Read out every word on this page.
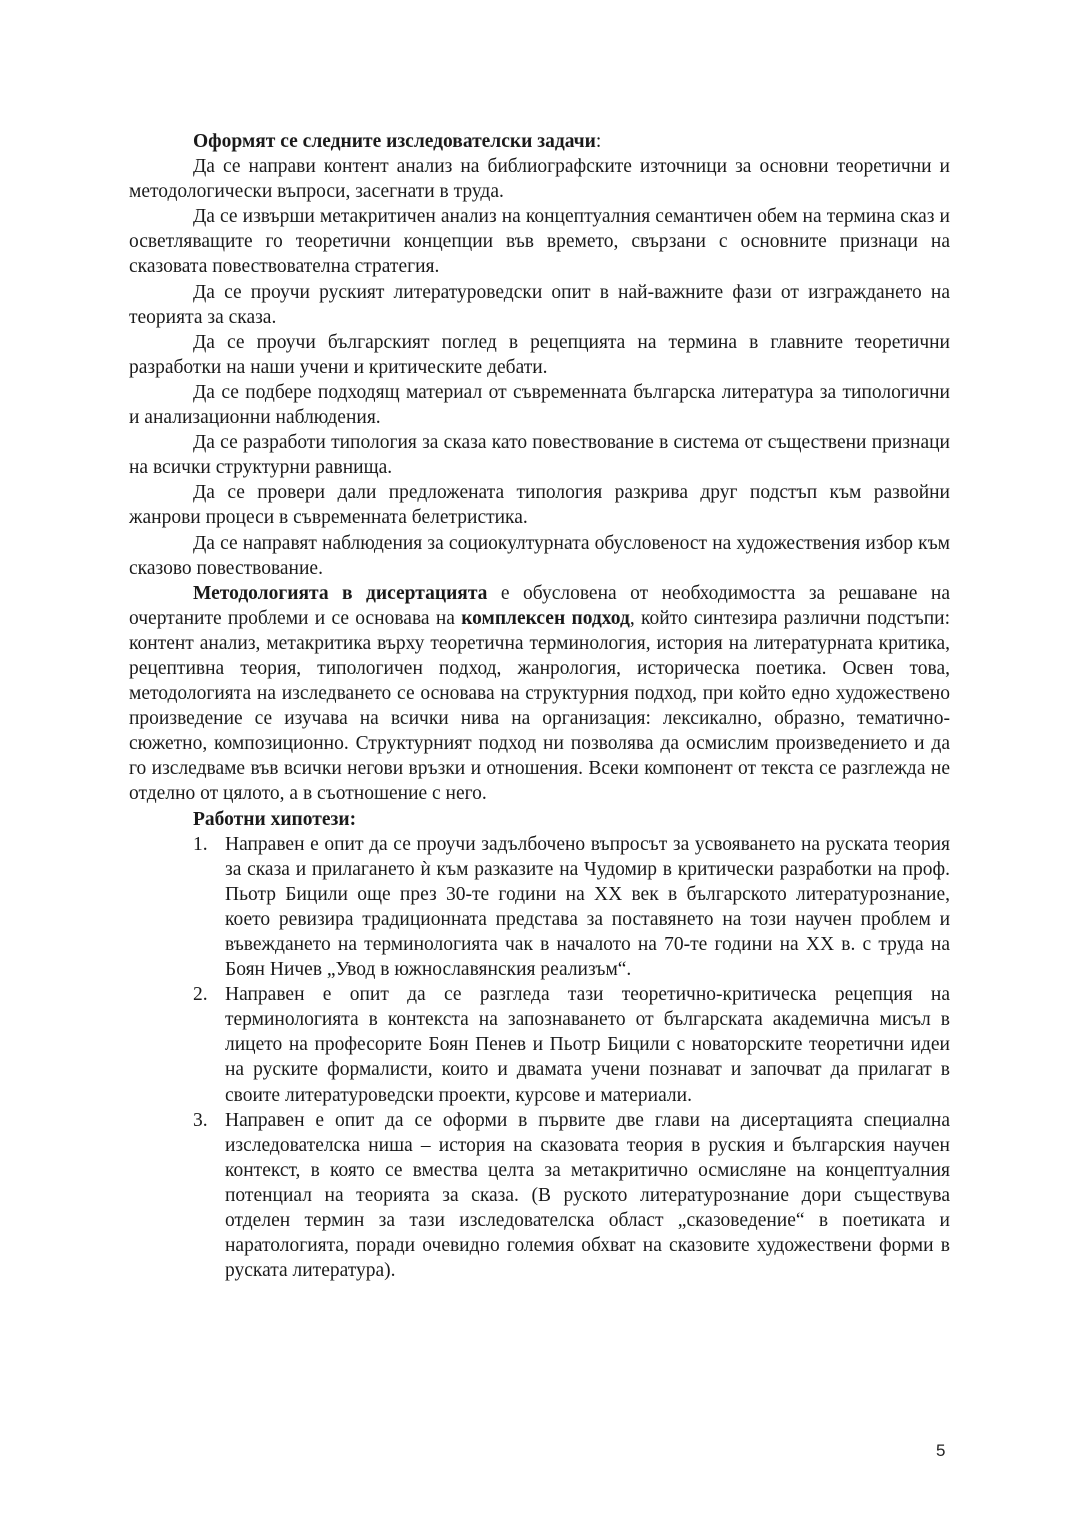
Оформят се следните изследователски задачи:

Да се направи контент анализ на библиографските източници за основни теоретични и методологически въпроси, засегнати в труда.

Да се извърши метакритичен анализ на концептуалния семантичен обем на термина сказ и осветляващите го теоретични концепции във времето, свързани с основните признаци на сказовата повествователна стратегия.

Да се проучи руският литературоведски опит в най-важните фази от изграждането на теорията за сказа.

Да се проучи българският поглед в рецепцията на термина в главните теоретични разработки на наши учени и критическите дебати.

Да се подбере подходящ материал от съвременната българска литература за типологични и анализационни наблюдения.

Да се разработи типология за сказа като повествование в система от съществени признаци на всички структурни равнища.

Да се провери дали предложената типология разкрива друг подстъп към развойни жанрови процеси в съвременната белетристика.

Да се направят наблюдения за социокултурната обусловеност на художествения избор към сказово повествование.

Методологията в дисертацията е обусловена от необходимостта за решаване на очертаните проблеми и се основава на комплексен подход, който синтезира различни подстъпи: контент анализ, метакритика върху теоретична терминология, история на литературната критика, рецептивна теория, типологичен подход, жанрология, историческа поетика. Освен това, методологията на изследването се основава на структурния подход, при който едно художествено произведение се изучава на всички нива на организация: лексикално, образно, тематично-сюжетно, композиционно. Структурният подход ни позволява да осмислим произведението и да го изследваме във всички негови връзки и отношения. Всеки компонент от текста се разглежда не отделно от цялото, а в съотношение с него.

Работни хипотези:

1. Направен е опит да се проучи задълбочено въпросът за усвояването на руската теория за сказа и прилагането ѝ към разказите на Чудомир в критически разработки на проф. Пьотр Бицили още през 30-те години на ХХ век в българското литературознание, което ревизира традиционната представа за поставянето на този научен проблем и въвеждането на терминологията чак в началото на 70-те години на ХХ в. с труда на Боян Ничев „Увод в южнославянския реализъм“.
2. Направен е опит да се разгледа тази теоретично-критическа рецепция на терминологията в контекста на запознаването от българската академична мисъл в лицето на професорите Боян Пенев и Пьотр Бицили с новаторските теоретични идеи на руските формалисти, които и двамата учени познават и започват да прилагат в своите литературоведски проекти, курсове и материали.
3. Направен е опит да се оформи в първите две глави на дисертацията специална изследователска ниша – история на сказовата теория в руския и българския научен контекст, в която се вмества целта за метакритично осмисляне на концептуалния потенциал на теорията за сказа. (В руското литературознание дори съществува отделен термин за тази изследователска област „сказоведение“ в поетиката и наратологията, поради очевидно големия обхват на сказовите художествени форми в руската литература).
5
